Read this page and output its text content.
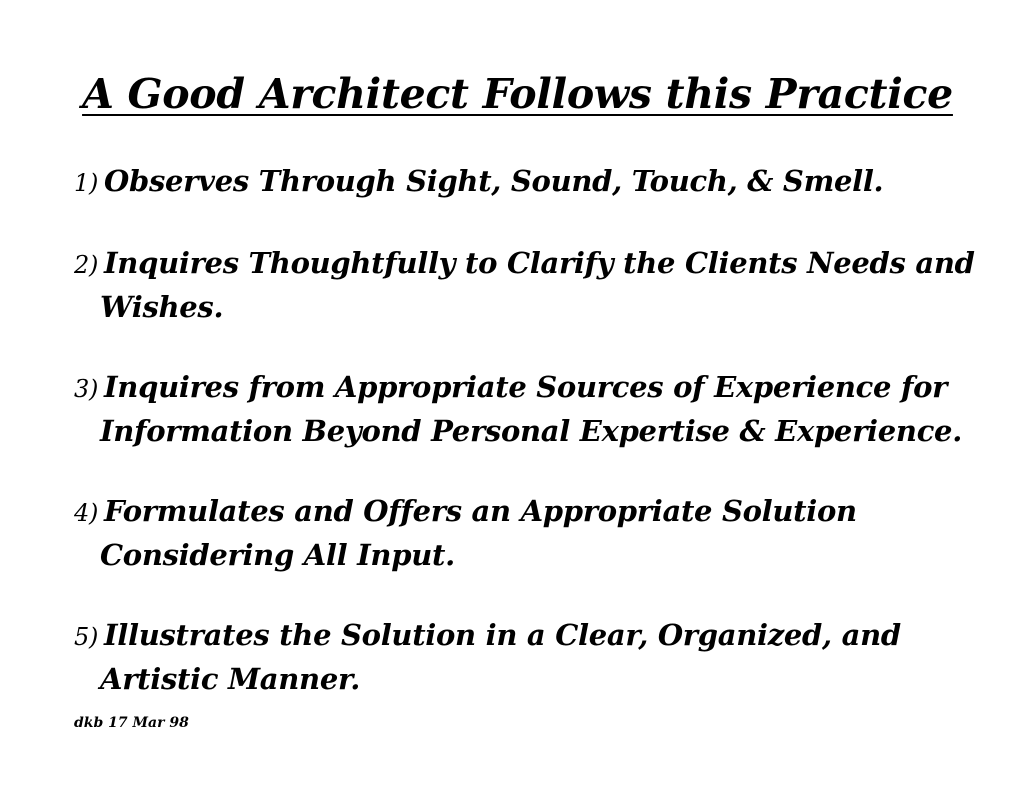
A Good Architect Follows this Practice
1) Observes Through Sight, Sound, Touch, & Smell.
2) Inquires Thoughtfully to Clarify the Clients Needs and
Wishes.
3) Inquires from Appropriate Sources of Experience for
Information Beyond Personal Expertise & Experience.
4) Formulates and Offers an Appropriate Solution
Considering All Input.
5) Illustrates the Solution in a Clear, Organized, and
Artistic Manner.
dkb 17 Mar 98
